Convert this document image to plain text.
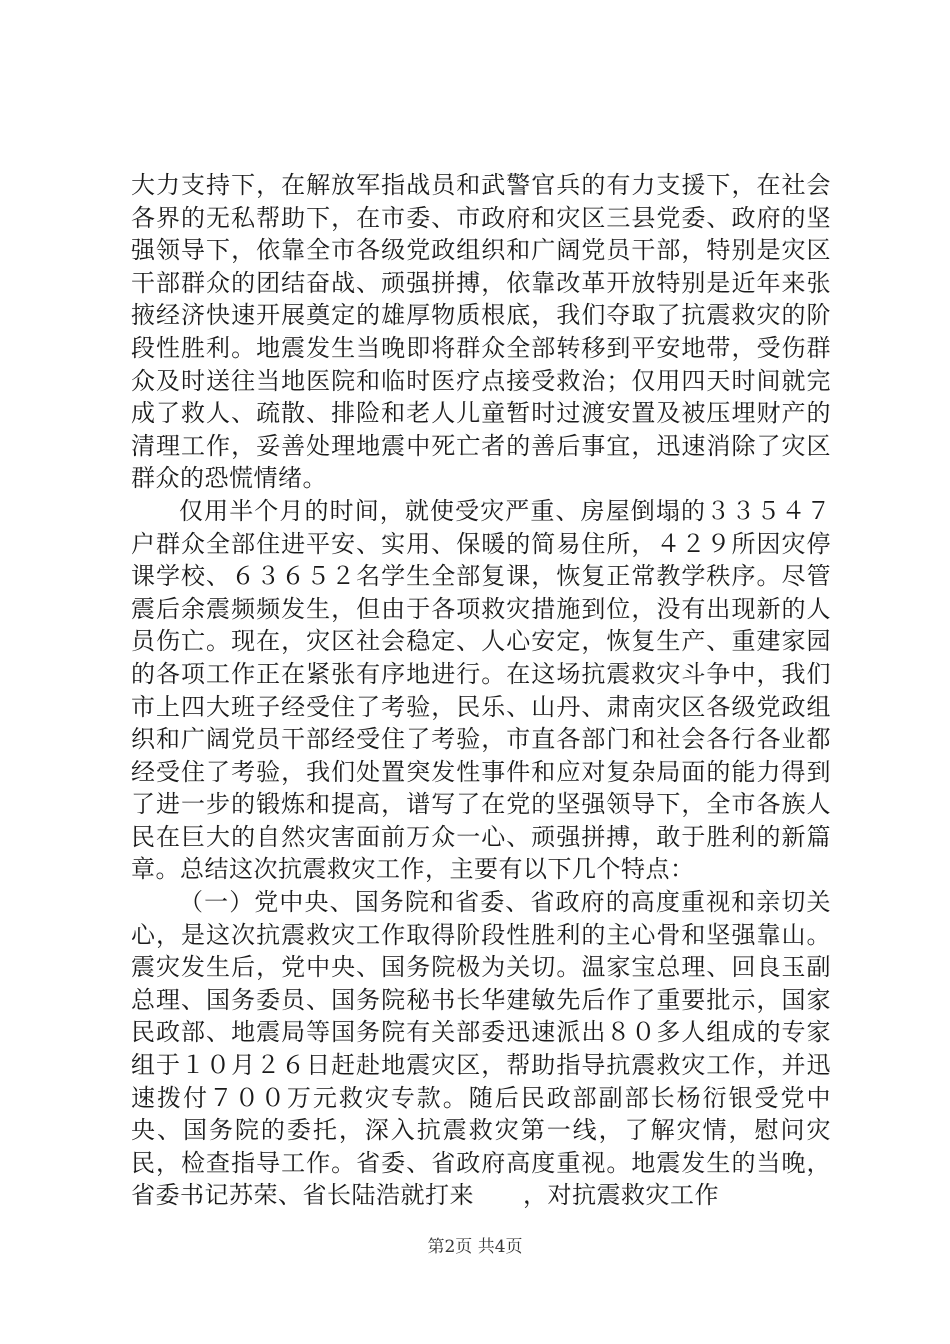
大力支持下，在解放军指战员和武警官兵的有力支援下，在社会各界的无私帮助下，在市委、市政府和灾区三县党委、政府的坚强领导下，依靠全市各级党政组织和广阔党员干部，特别是灾区干部群众的团结奋战、顽强拼搏，依靠改革开放特别是近年来张掖经济快速开展奠定的雄厚物质根底，我们夺取了抗震救灾的阶段性胜利。地震发生当晚即将群众全部转移到平安地带，受伤群众及时送往当地医院和临时医疗点接受救治；仅用四天时间就完成了救人、疏散、排险和老人儿童暂时过渡安置及被压埋财产的清理工作，妥善处理地震中死亡者的善后事宜，迅速消除了灾区群众的恐慌情绪。

仅用半个月的时间，就使受灾严重、房屋倒塌的３３５４７户群众全部住进平安、实用、保暖的简易住所，４２９所因灾停课学校、６３６５２名学生全部复课，恢复正常教学秩序。尽管震后余震频频发生，但由于各项救灾措施到位，没有出现新的人员伤亡。现在，灾区社会稳定、人心安定，恢复生产、重建家园的各项工作正在紧张有序地进行。在这场抗震救灾斗争中，我们市上四大班子经受住了考验，民乐、山丹、肃南灾区各级党政组织和广阔党员干部经受住了考验，市直各部门和社会各行各业都经受住了考验，我们处置突发性事件和应对复杂局面的能力得到了进一步的锻炼和提高，谱写了在党的坚强领导下，全市各族人民在巨大的自然灾害面前万众一心、顽强拼搏，敢于胜利的新篇章。总结这次抗震救灾工作，主要有以下几个特点：

（一）党中央、国务院和省委、省政府的高度重视和亲切关心，是这次抗震救灾工作取得阶段性胜利的主心骨和坚强靠山。震灾发生后，党中央、国务院极为关切。温家宝总理、回良玉副总理、国务委员、国务院秘书长华建敏先后作了重要批示，国家民政部、地震局等国务院有关部委迅速派出８０多人组成的专家组于１０月２６日赶赴地震灾区，帮助指导抗震救灾工作，并迅速拨付７００万元救灾专款。随后民政部副部长杨衍银受党中央、国务院的委托，深入抗震救灾第一线，了解灾情，慰问灾民，检查指导工作。省委、省政府高度重视。地震发生的当晚，省委书记苏荣、省长陆浩就打来　　，对抗震救灾工作

第2页 共4页
